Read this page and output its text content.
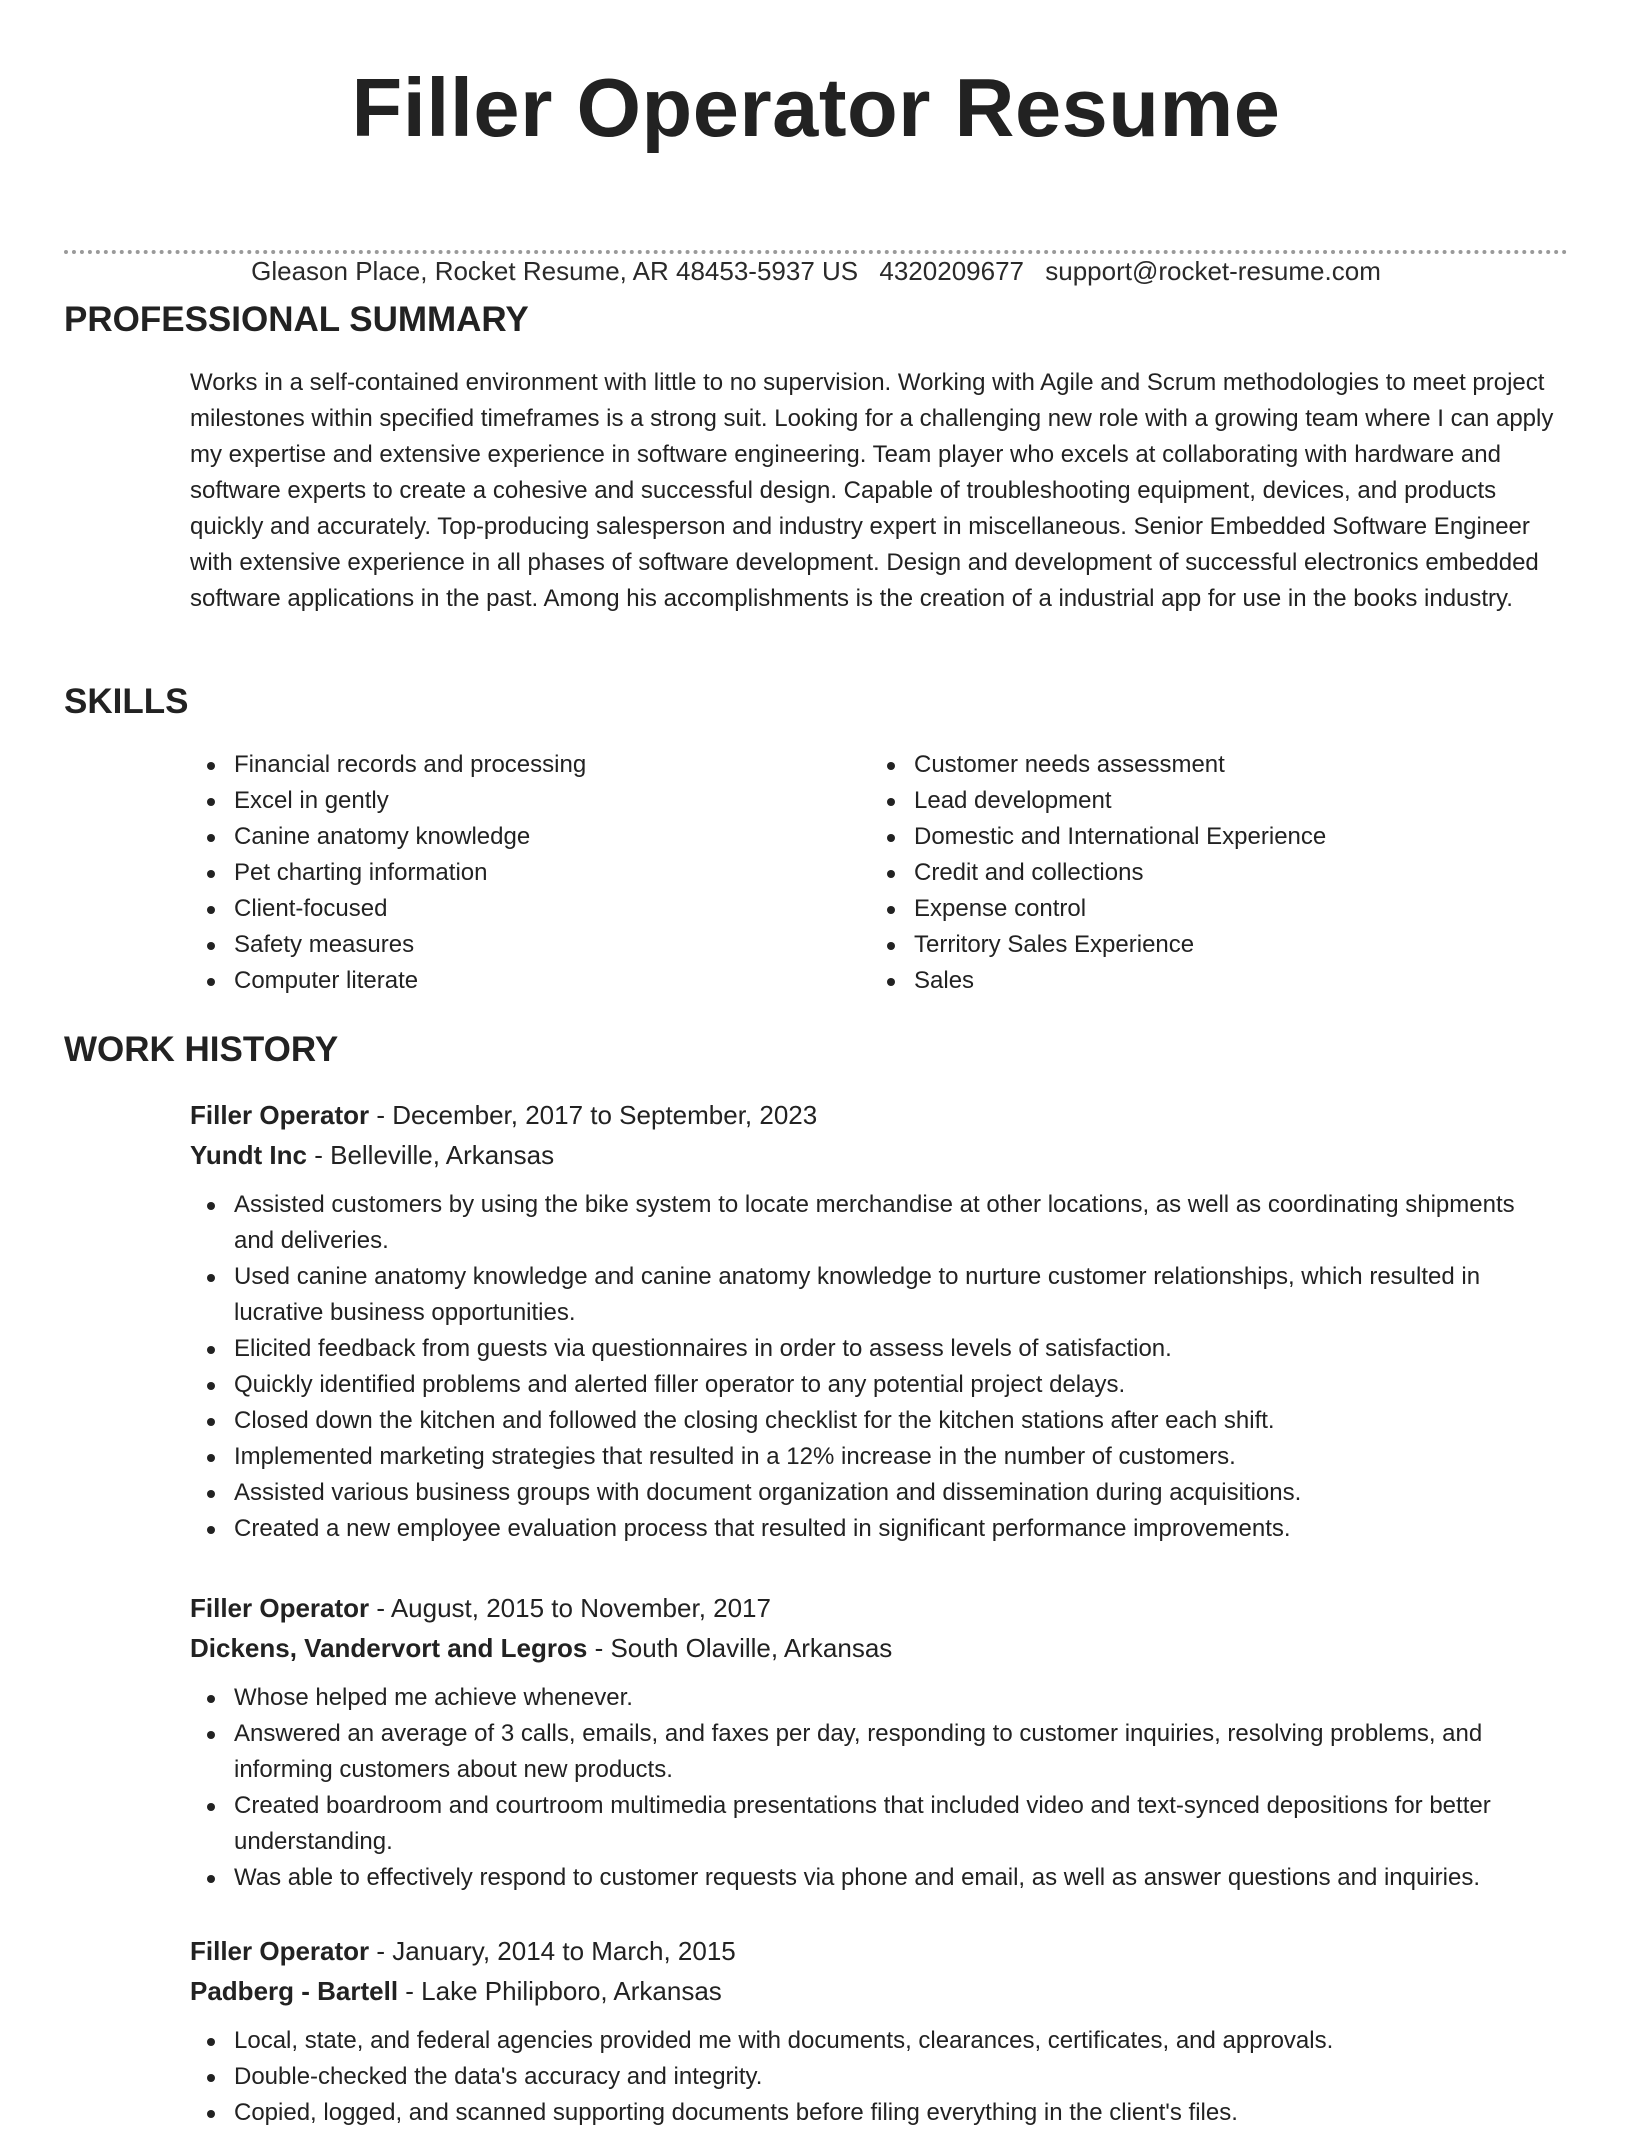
Filler Operator Resume
Gleason Place, Rocket Resume, AR 48453-5937 US 4320209677 support@rocket-resume.com
PROFESSIONAL SUMMARY

Works in a self-contained environment with little to no supervision. Working with Agile and Scrum methodologies to meet project milestones within specified timeframes is a strong suit. Looking for a challenging new role with a growing team where I can apply my expertise and extensive experience in software engineering. Team player who excels at collaborating with hardware and software experts to create a cohesive and successful design. Capable of troubleshooting equipment, devices, and products quickly and accurately. Top-producing salesperson and industry expert in miscellaneous. Senior Embedded Software Engineer with extensive experience in all phases of software development. Design and development of successful electronics embedded software applications in the past. Among his accomplishments is the creation of a industrial app for use in the books industry.

SKILLS
Financial records and processing
Excel in gently
Canine anatomy knowledge
Pet charting information
Client-focused
Safety measures
Computer literate
Customer needs assessment
Lead development
Domestic and International Experience
Credit and collections
Expense control
Territory Sales Experience
Sales
WORK HISTORY
Filler Operator - December, 2017 to September, 2023
Yundt Inc - Belleville, Arkansas
Assisted customers by using the bike system to locate merchandise at other locations, as well as coordinating shipments and deliveries.
Used canine anatomy knowledge and canine anatomy knowledge to nurture customer relationships, which resulted in lucrative business opportunities.
Elicited feedback from guests via questionnaires in order to assess levels of satisfaction.
Quickly identified problems and alerted filler operator to any potential project delays.
Closed down the kitchen and followed the closing checklist for the kitchen stations after each shift.
Implemented marketing strategies that resulted in a 12% increase in the number of customers.
Assisted various business groups with document organization and dissemination during acquisitions.
Created a new employee evaluation process that resulted in significant performance improvements.
Filler Operator - August, 2015 to November, 2017
Dickens, Vandervort and Legros - South Olaville, Arkansas
Whose helped me achieve whenever.
Answered an average of 3 calls, emails, and faxes per day, responding to customer inquiries, resolving problems, and informing customers about new products.
Created boardroom and courtroom multimedia presentations that included video and text-synced depositions for better understanding.
Was able to effectively respond to customer requests via phone and email, as well as answer questions and inquiries.
Filler Operator - January, 2014 to March, 2015
Padberg - Bartell - Lake Philipboro, Arkansas
Local, state, and federal agencies provided me with documents, clearances, certificates, and approvals.
Double-checked the data's accuracy and integrity.
Copied, logged, and scanned supporting documents before filing everything in the client's files.
